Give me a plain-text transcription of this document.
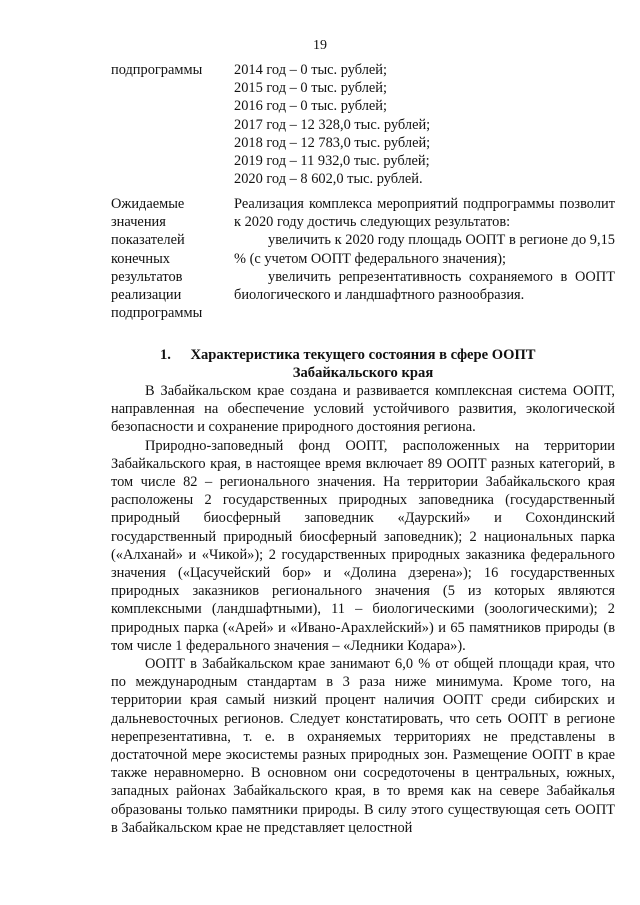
19
подпрограммы	2014 год – 0 тыс. рублей;
2015 год – 0 тыс. рублей;
2016 год – 0 тыс. рублей;
2017 год – 12 328,0 тыс. рублей;
2018 год – 12 783,0 тыс. рублей;
2019 год – 11 932,0 тыс. рублей;
2020 год – 8 602,0 тыс. рублей.
Ожидаемые значения показателей конечных результатов реализации подпрограммы
Реализация комплекса мероприятий подпрограммы позволит к 2020 году достичь следующих результатов:
увеличить к 2020 году площадь ООПТ в регионе до 9,15 % (с учетом ООПТ федерального значения);
увеличить репрезентативность сохраняемого в ООПТ биологического и ландшафтного разнообразия.
1.	Характеристика текущего состояния в сфере ООПТ
Забайкальского края

В Забайкальском крае создана и развивается комплексная система ООПТ, направленная на обеспечение условий устойчивого развития, экологической безопасности и сохранение природного достояния региона.

Природно-заповедный фонд ООПТ, расположенных на территории Забайкальского края, в настоящее время включает 89 ООПТ разных категорий, в том числе 82 – регионального значения. На территории Забайкальского края расположены 2 государственных природных заповедника (государственный природный биосферный заповедник «Даурский» и Сохондинский государственный природный биосферный заповедник); 2 национальных парка («Алханай» и «Чикой»); 2 государственных природных заказника федерального значения («Цасучейский бор» и «Долина дзерена»); 16 государственных природных заказников регионального значения (5 из которых являются комплексными (ландшафтными), 11 – биологическими (зоологическими); 2 природных парка («Арей» и «Ивано-Арахлейский») и 65 памятников природы (в том числе 1 федерального значения – «Ледники Кодара»).

ООПТ в Забайкальском крае занимают 6,0 % от общей площади края, что по международным стандартам в 3 раза ниже минимума. Кроме того, на территории края самый низкий процент наличия ООПТ среди сибирских и дальневосточных регионов. Следует констатировать, что сеть ООПТ в регионе нерепрезентативна, т. е. в охраняемых территориях не представлены в достаточной мере экосистемы разных природных зон. Размещение ООПТ в крае также неравномерно. В основном они сосредоточены в центральных, южных, западных районах Забайкальского края, в то время как на севере Забайкалья образованы только памятники природы. В силу этого существующая сеть ООПТ в Забайкальском крае не представляет целостной
